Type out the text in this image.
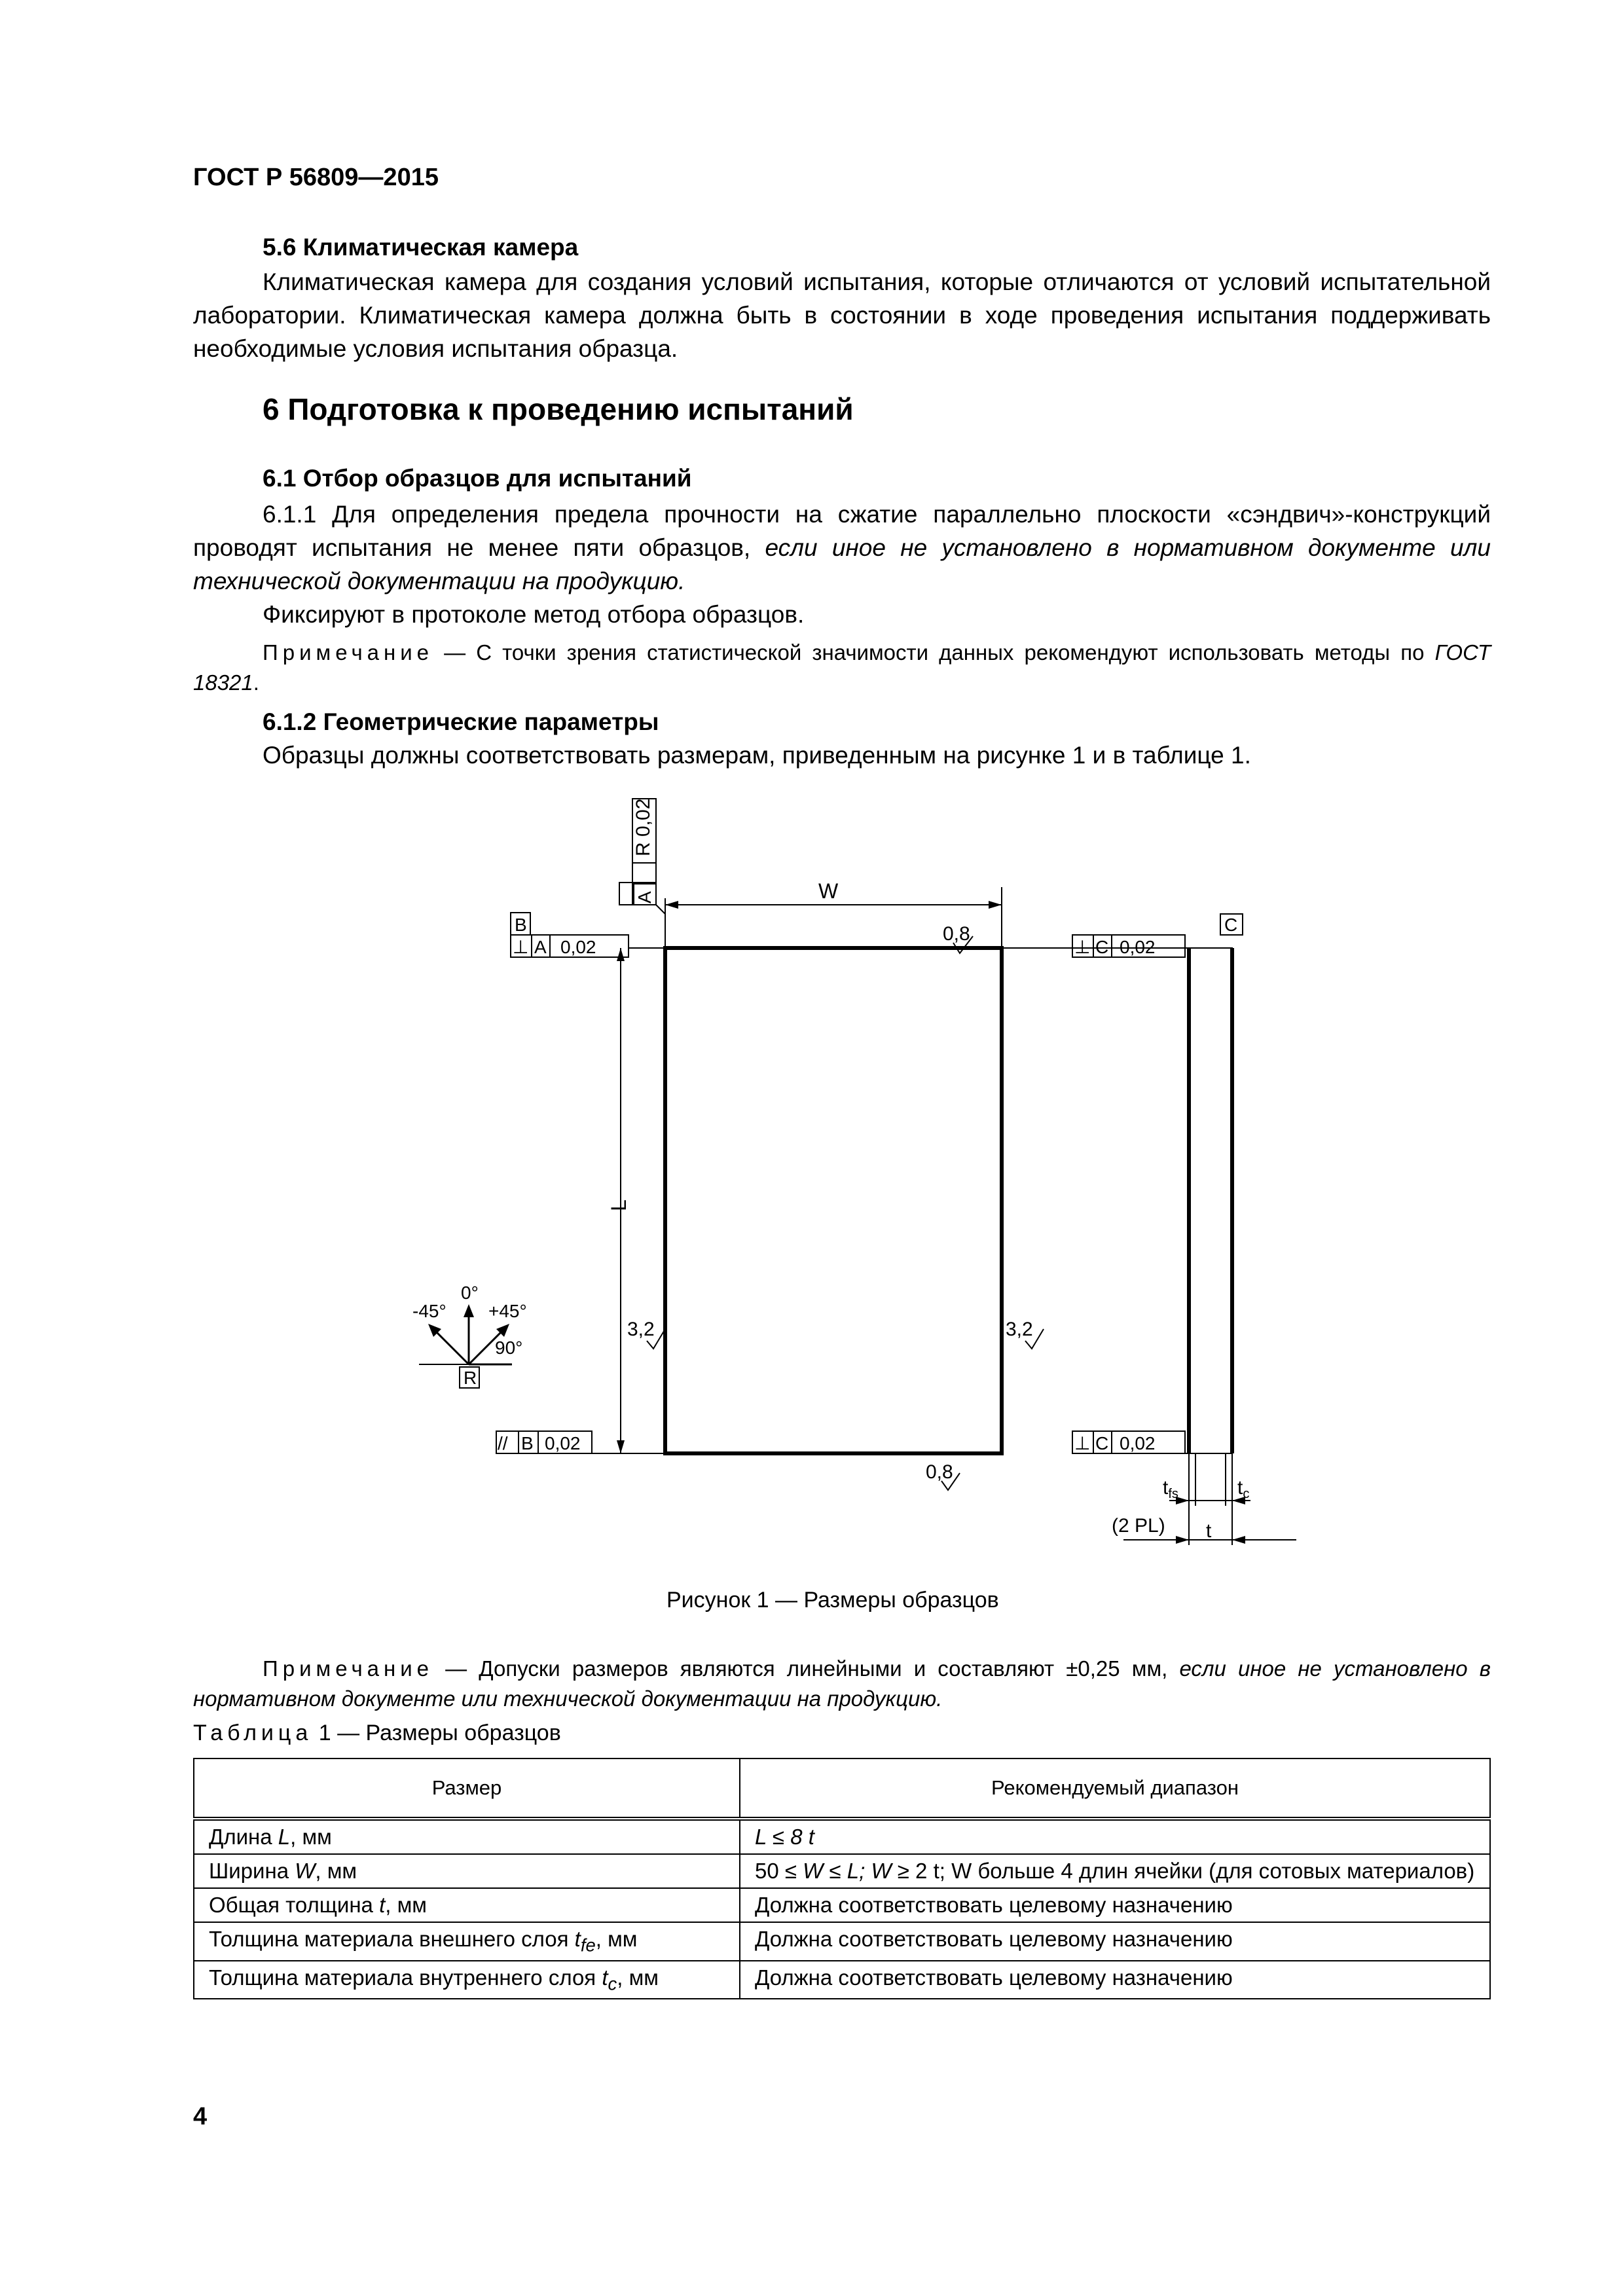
ГОСТ Р 56809—2015
5.6 Климатическая камера
Климатическая камера для создания условий испытания, которые отличаются от условий испытательной лаборатории. Климатическая камера должна быть в состоянии в ходе проведения испытания поддерживать необходимые условия испытания образца.
6 Подготовка к проведению испытаний
6.1 Отбор образцов для испытаний
6.1.1 Для определения предела прочности на сжатие параллельно плоскости «сэндвич»-конструкций проводят испытания не менее пяти образцов, если иное не установлено в нормативном документе или технической документации на продукцию.
Фиксируют в протоколе метод отбора образцов.
Примечание — С точки зрения статистической значимости данных рекомендуют использовать методы по ГОСТ 18321.
6.1.2 Геометрические параметры
Образцы должны соответствовать размерам, приведенным на рисунке 1 и в таблице 1.
R 0,02
A	W
0,8
B
⊥ A 0,02
L
3,2	3,2
// B 0,02
0,8
0°
-45° +45°
90°
R
C
⊥ C 0,02
⊥ C 0,02
$t_{fs}$	$t_c$
(2 PL) t
Рисунок 1 — Размеры образцов
Примечание — Допуски размеров являются линейными и составляют ±0,25 мм, если иное не установлено в нормативном документе или технической документации на продукцию.
Таблица 1 — Размеры образцов
Размер	Рекомендуемый диапазон
Длина L, мм	L ≤ 8 t
Ширина W, мм	50 ≤ W ≤ L; W ≥ 2 t; W больше 4 длин ячейки (для сотовых материалов)
Общая толщина t, мм	Должна соответствовать целевому назначению
Толщина материала внешнего слоя $t_{fe}$, мм	Должна соответствовать целевому назначению
Толщина материала внутреннего слоя $t_c$, мм	Должна соответствовать целевому назначению
4
